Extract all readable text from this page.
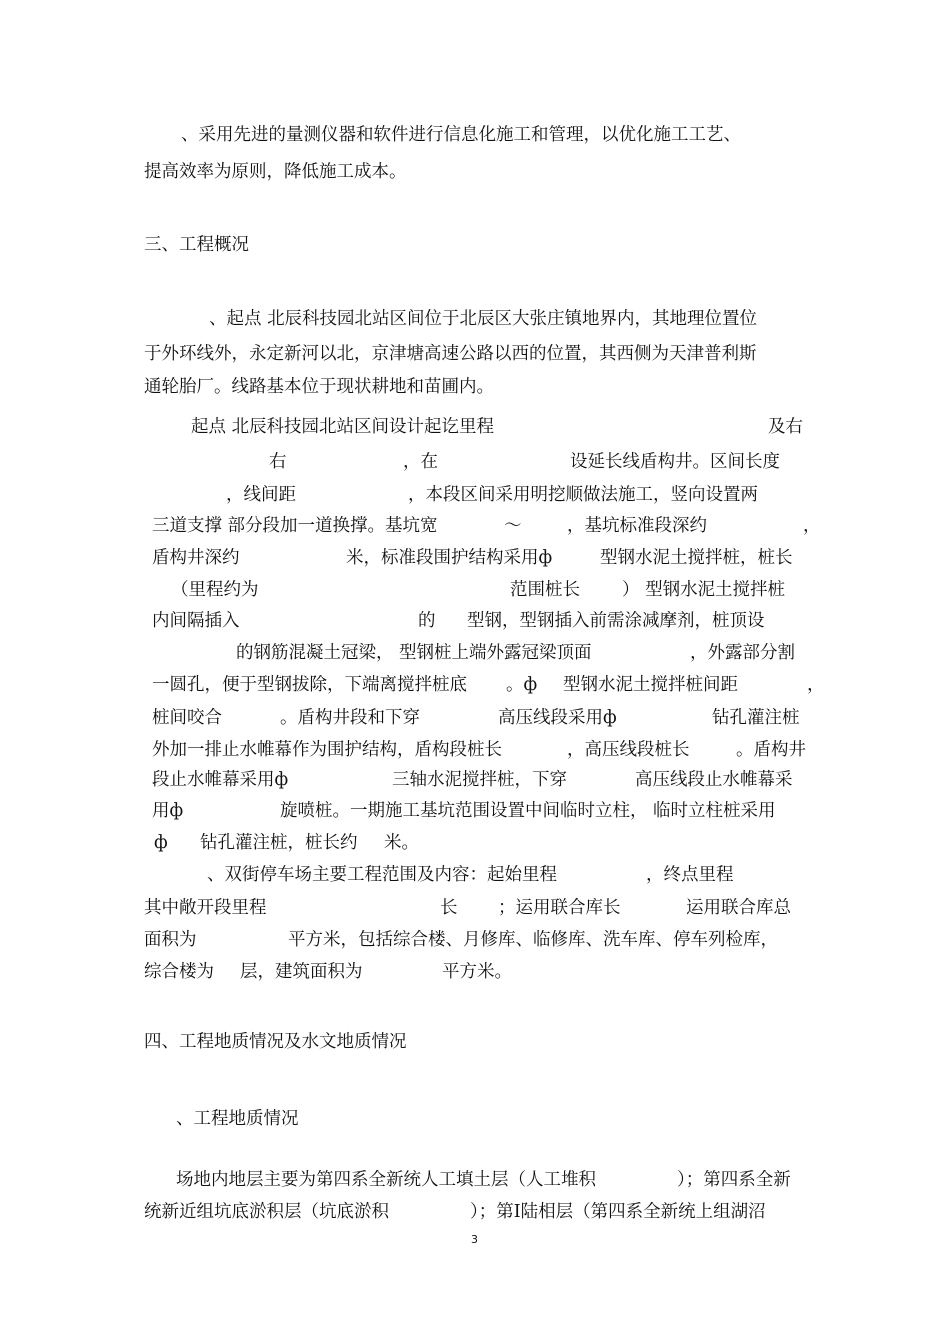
、采用先进的量测仪器和软件进行信息化施工和管理，以优化施工工艺、
提高效率为原则，降低施工成本。
三、工程概况
、起点 北辰科技园北站区间位于北辰区大张庄镇地界内，其地理位置位
于外环线外，永定新河以北，京津塘高速公路以西的位置，其西侧为天津普利斯
通轮胎厂。线路基本位于现状耕地和苗圃内。
起点 北辰科技园北站区间设计起讫里程	及右
右	，在	设延长线盾构井。区间长度
，线间距	，本段区间采用明挖顺做法施工，竖向设置两
三道支撑 部分段加一道换撑。基坑宽	～	，基坑标准段深约	，
盾构井深约	米，标准段围护结构采用ф	型钢水泥土搅拌桩，桩长
（里程约为	范围桩长 ） 型钢水泥土搅拌桩
内间隔插入	的 型钢，型钢插入前需涂减摩剂，桩顶设
的钢筋混凝土冠梁， 型钢桩上端外露冠梁顶面	，外露部分割
一圆孔，便于型钢拔除，下端离搅拌桩底 。ф 型钢水泥土搅拌桩间距	，
桩间咬合	。盾构井段和下穿	高压线段采用ф	钻孔灌注桩
外加一排止水帷幕作为围护结构，盾构段桩长	，高压线段桩长	。盾构井
段止水帷幕采用ф	三轴水泥搅拌桩，下穿	高压线段止水帷幕采
用ф	旋喷桩。一期施工基坑范围设置中间临时立柱， 临时立柱桩采用
ф 钻孔灌注桩，桩长约 米。
、双街停车场主要工程范围及内容：起始里程	，终点里程
其中敞开段里程	长 ；运用联合库长	运用联合库总
面积为	平方米，包括综合楼、月修库、临修库、洗车库、停车列检库，
综合楼为 层，建筑面积为	平方米。
四、工程地质情况及水文地质情况
、工程地质情况
场地内地层主要为第四系全新统人工填土层（人工堆积	）；第四系全新
统新近组坑底淤积层（坑底淤积	）；第Ⅰ陆相层（第四系全新统上组湖沼
3
